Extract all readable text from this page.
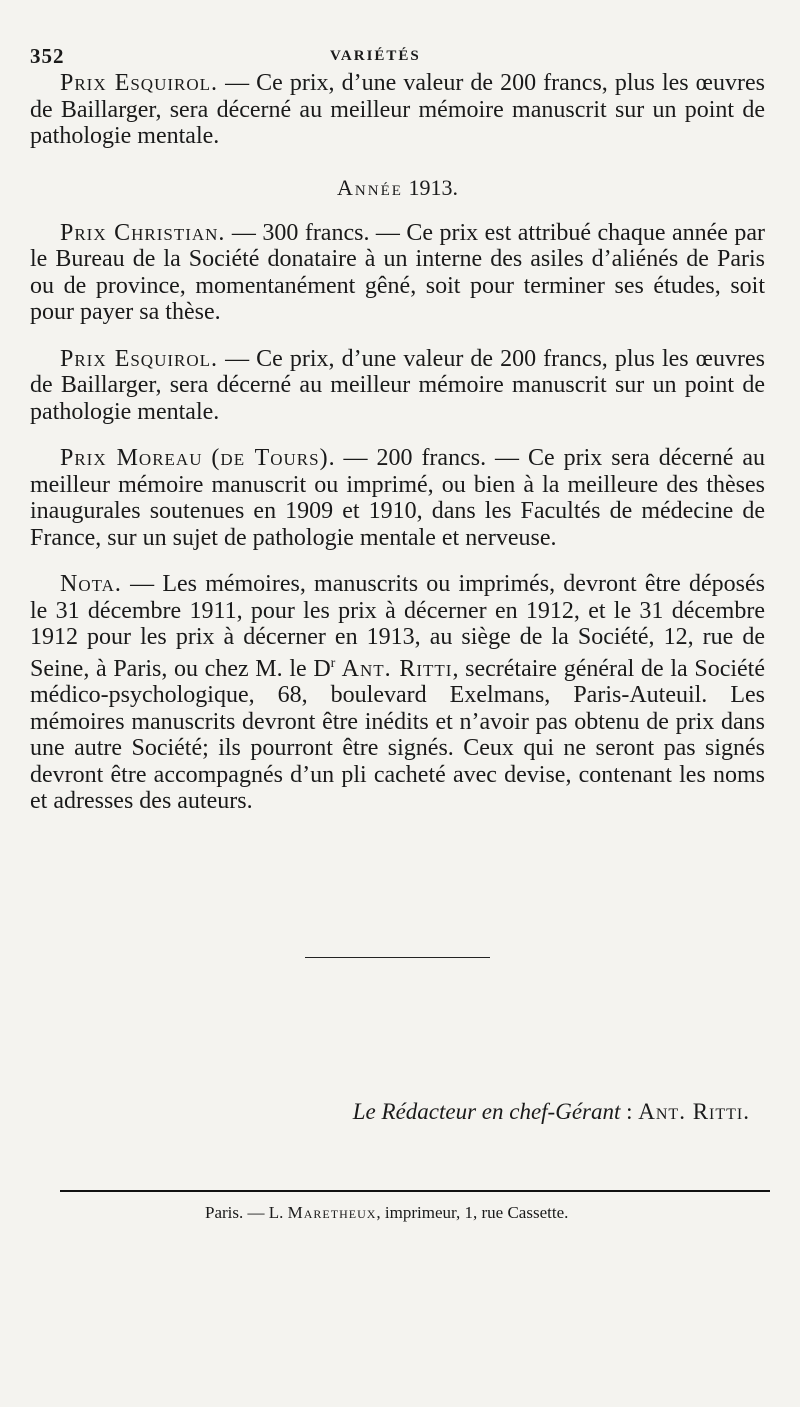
352	VARIÉTÉS

Prix Esquirol. — Ce prix, d’une valeur de 200 francs, plus les œuvres de Baillarger, sera décerné au meilleur mémoire manuscrit sur un point de pathologie mentale.

Année 1913.

Prix Christian. — 300 francs. — Ce prix est attribué chaque année par le Bureau de la Société donataire à un interne des asiles d’aliénés de Paris ou de province, momentanément gêné, soit pour terminer ses études, soit pour payer sa thèse.

Prix Esquirol. — Ce prix, d’une valeur de 200 francs, plus les œuvres de Baillarger, sera décerné au meilleur mémoire manuscrit sur un point de pathologie mentale.

Prix Moreau (de Tours). — 200 francs. — Ce prix sera décerné au meilleur mémoire manuscrit ou imprimé, ou bien à la meilleure des thèses inaugurales soutenues en 1909 et 1910, dans les Facultés de médecine de France, sur un sujet de pathologie mentale et nerveuse.

Nota. — Les mémoires, manuscrits ou imprimés, devront être déposés le 31 décembre 1911, pour les prix à décerner en 1912, et le 31 décembre 1912 pour les prix à décerner en 1913, au siège de la Société, 12, rue de Seine, à Paris, ou chez M. le $D^r$ Ant. Ritti, secrétaire général de la Société médico-psychologique, 68, boulevard Exelmans, Paris-Auteuil. Les mémoires manuscrits devront être inédits et n’avoir pas obtenu de prix dans une autre Société; ils pourront être signés. Ceux qui ne seront pas signés devront être accompagnés d’un pli cacheté avec devise, contenant les noms et adresses des auteurs.

Le Rédacteur en chef-Gérant : Ant. Ritti.
Paris. — L. Maretheux, imprimeur, 1, rue Cassette.
